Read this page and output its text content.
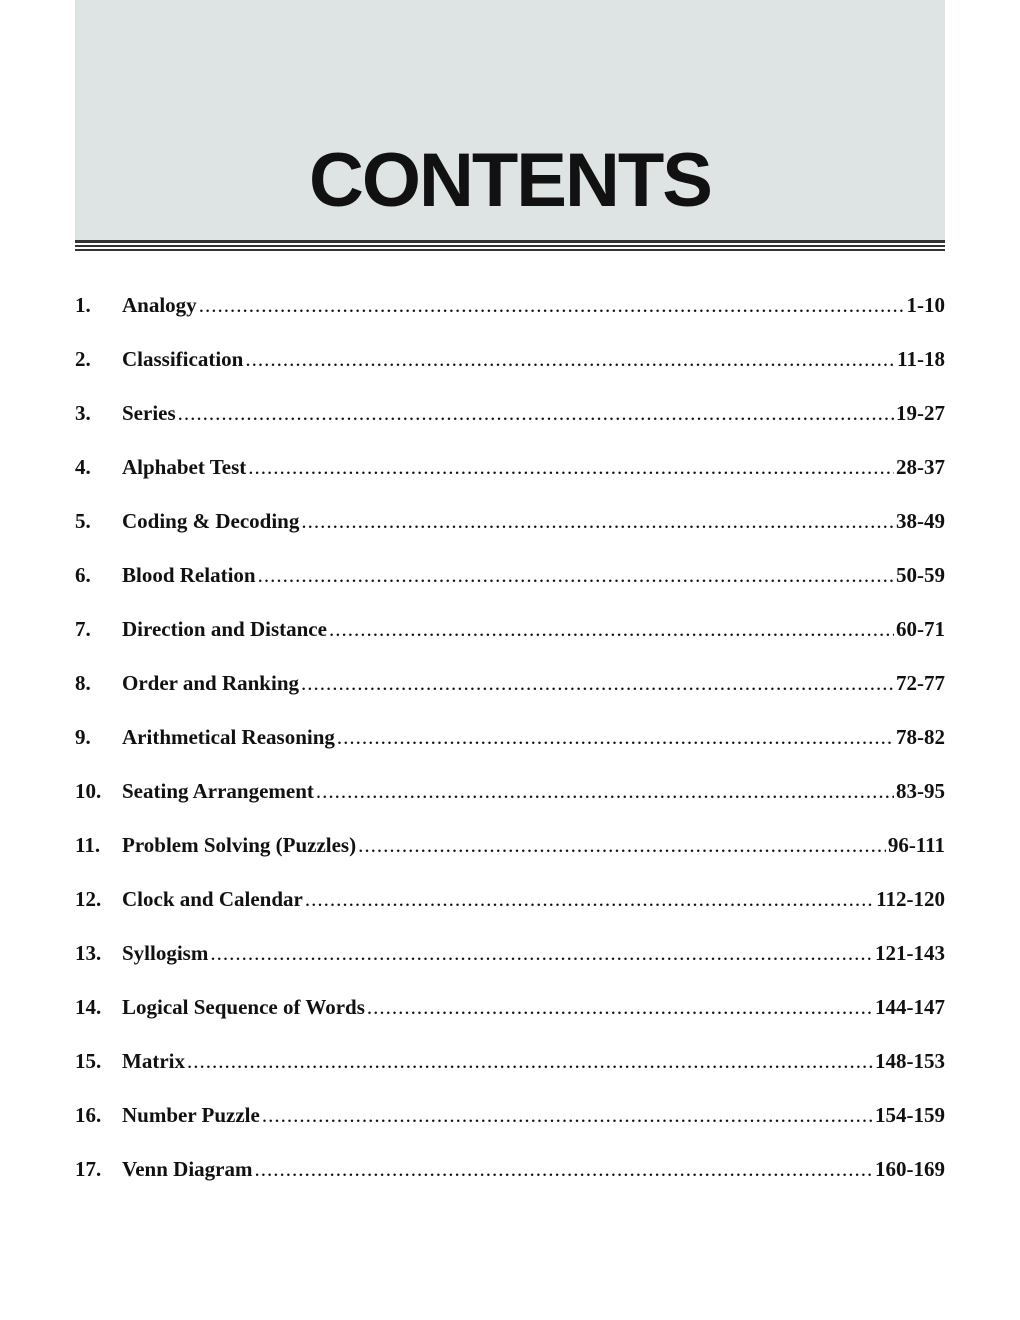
CONTENTS
1.	Analogy .....	1-10
2.	Classification .....	11-18
3.	Series .....	19-27
4.	Alphabet Test .....	28-37
5.	Coding & Decoding .....	38-49
6.	Blood Relation .....	50-59
7.	Direction and Distance .....	60-71
8.	Order and Ranking .....	72-77
9.	Arithmetical Reasoning .....	78-82
10. Seating Arrangement .....	83-95
11.	Problem Solving (Puzzles) .....	96-111
12. Clock and Calendar .....	112-120
13. Syllogism .....	121-143
14. Logical Sequence of Words .....	144-147
15. Matrix .....	148-153
16. Number Puzzle .....	154-159
17. Venn Diagram .....	160-169
